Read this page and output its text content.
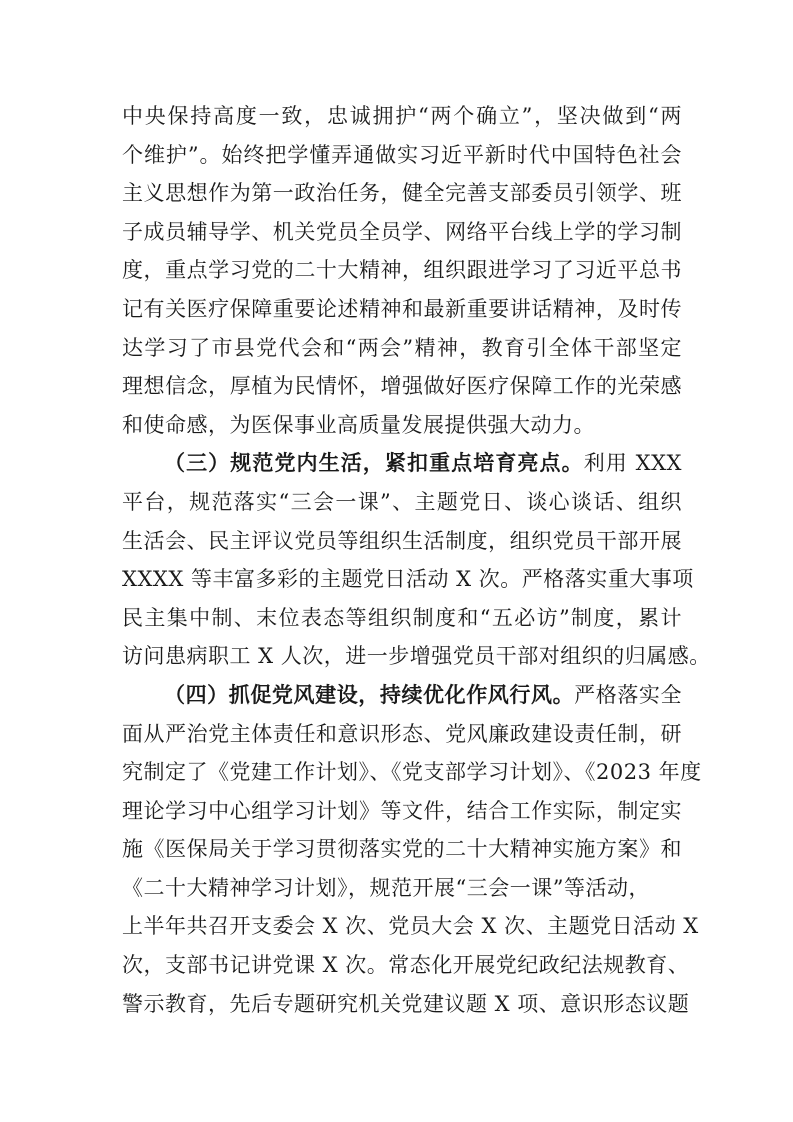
中央保持高度一致，忠诚拥护“两个确立”，坚决做到“两
个维护”。始终把学懂弄通做实习近平新时代中国特色社会
主义思想作为第一政治任务，健全完善支部委员引领学、班
子成员辅导学、机关党员全员学、网络平台线上学的学习制
度，重点学习党的二十大精神，组织跟进学习了习近平总书
记有关医疗保障重要论述精神和最新重要讲话精神，及时传
达学习了市县党代会和“两会”精神，教育引全体干部坚定
理想信念，厚植为民情怀，增强做好医疗保障工作的光荣感
和使命感，为医保事业高质量发展提供强大动力。
（三）规范党内生活，紧扣重点培育亮点。利用 XXX
平台，规范落实“三会一课”、主题党日、谈心谈话、组织
生活会、民主评议党员等组织生活制度，组织党员干部开展
XXXX 等丰富多彩的主题党日活动 X 次。严格落实重大事项
民主集中制、末位表态等组织制度和“五必访”制度，累计
访问患病职工 X 人次，进一步增强党员干部对组织的归属感。
（四）抓促党风建设，持续优化作风行风。严格落实全
面从严治党主体责任和意识形态、党风廉政建设责任制，研
究制定了《党建工作计划》、《党支部学习计划》、《2023 年度
理论学习中心组学习计划》等文件，结合工作实际，制定实
施《医保局关于学习贯彻落实党的二十大精神实施方案》和
《二十大精神学习计划》，规范开展“三会一课”等活动，
上半年共召开支委会 X 次、党员大会 X 次、主题党日活动 X
次，支部书记讲党课 X 次。常态化开展党纪政纪法规教育、
警示教育，先后专题研究机关党建议题 X 项、意识形态议题
